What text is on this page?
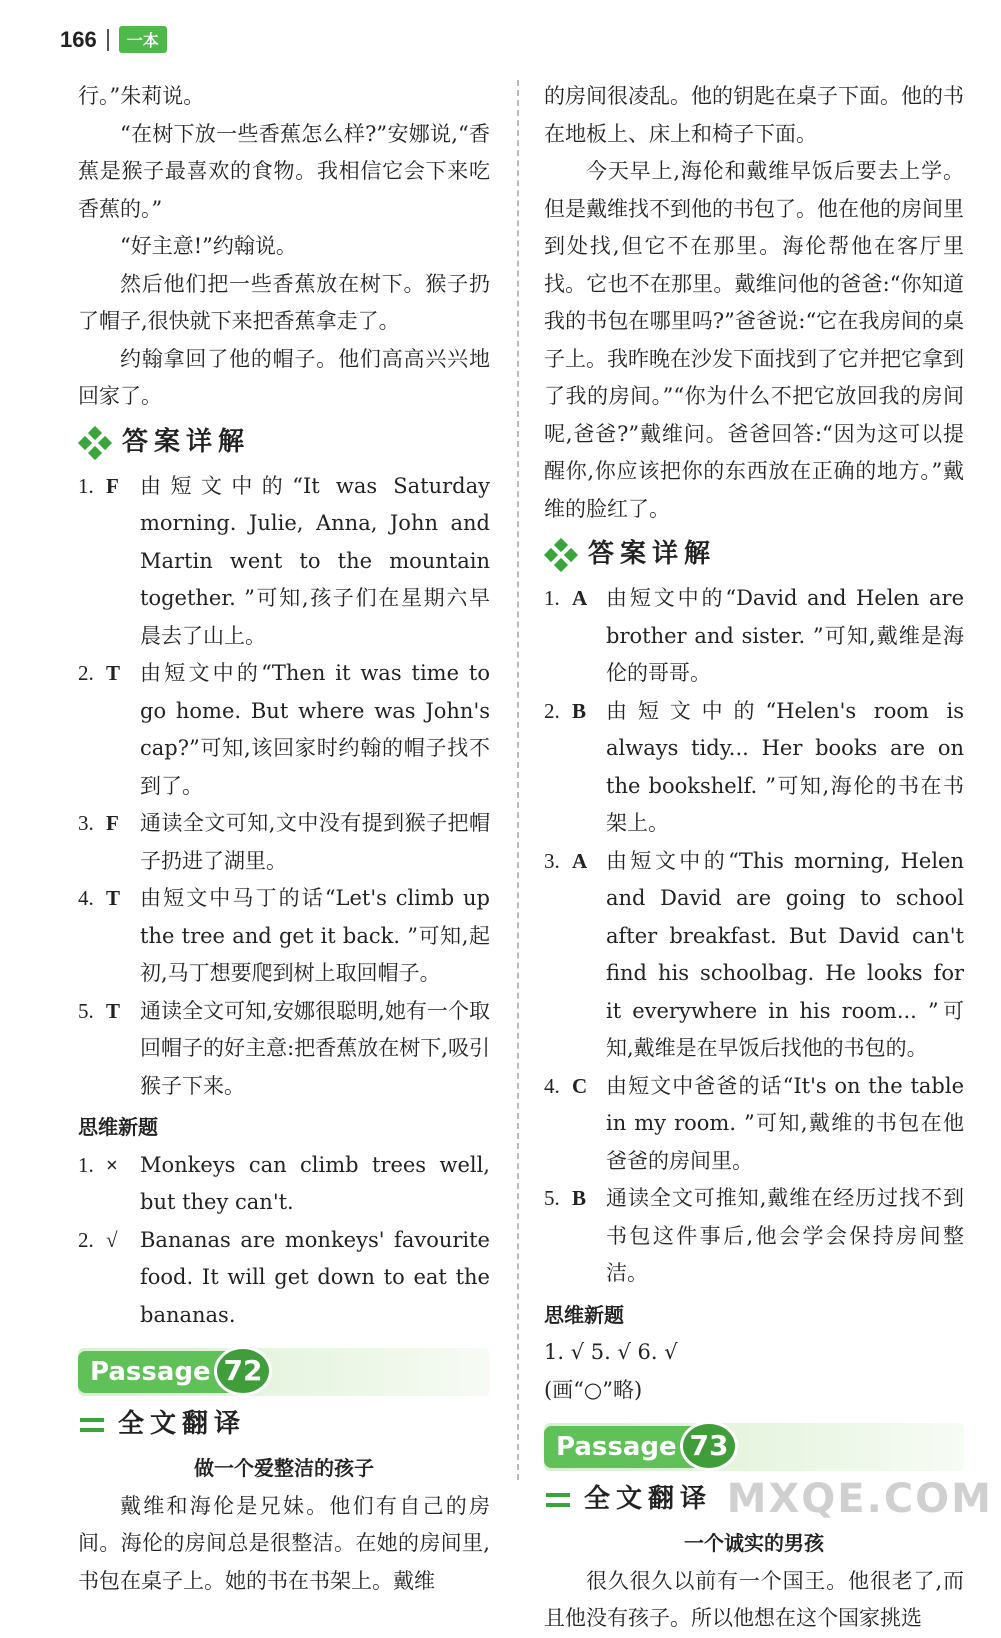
166	一本

行。”朱莉说。

“在树下放一些香蕉怎么样?”安娜说,“香蕉是猴子最喜欢的食物。我相信它会下来吃香蕉的。”

“好主意!”约翰说。

然后他们把一些香蕉放在树下。猴子扔了帽子,很快就下来把香蕉拿走了。

约翰拿回了他的帽子。他们高高兴兴地回家了。

答案详解
1. F	由短文中的“It was Saturday morning. Julie, Anna, John and Martin went to the mountain together. ”可知,孩子们在星期六早晨去了山上。
2. T 由短文中的“Then it was time to go home. But where was John's cap?”可知,该回家时约翰的帽子找不到了。
3. F	通读全文可知,文中没有提到猴子把帽子扔进了湖里。
4. T 由短文中马丁的话“Let's climb up the tree and get it back. ”可知,起初,马丁想要爬到树上取回帽子。
5. T 通读全文可知,安娜很聪明,她有一个取回帽子的好主意:把香蕉放在树下,吸引猴子下来。
思维新题
1. ×	Monkeys can climb trees well, but they can't.
2. √	Bananas are monkeys' favourite food. It will get down to eat the bananas.
Passage 72
全文翻译
做一个爱整洁的孩子

戴维和海伦是兄妹。他们有自己的房间。海伦的房间总是很整洁。在她的房间里,书包在桌子上。她的书在书架上。戴维

的房间很凌乱。他的钥匙在桌子下面。他的书在地板上、床上和椅子下面。

今天早上,海伦和戴维早饭后要去上学。但是戴维找不到他的书包了。他在他的房间里到处找,但它不在那里。海伦帮他在客厅里找。它也不在那里。戴维问他的爸爸:“你知道我的书包在哪里吗?”爸爸说:“它在我房间的桌子上。我昨晚在沙发下面找到了它并把它拿到了我的房间。”“你为什么不把它放回我的房间呢,爸爸?”戴维问。爸爸回答:“因为这可以提醒你,你应该把你的东西放在正确的地方。”戴维的脸红了。

答案详解
1. A 由短文中的“David and Helen are brother and sister. ”可知,戴维是海伦的哥哥。
2. B 由短文中的“Helen's room is always tidy... Her books are on the bookshelf. ”可知,海伦的书在书架上。
3. A 由短文中的“This morning, Helen and David are going to school after breakfast. But David can't find his schoolbag. He looks for it everywhere in his room... ”可知,戴维是在早饭后找他的书包的。
4. C 由短文中爸爸的话“It's on the table in my room. ”可知,戴维的书包在他爸爸的房间里。
5. B 通读全文可推知,戴维在经历过找不到书包这件事后,他会学会保持房间整洁。
思维新题

1. √ 5. √ 6. √

(画“○”略)

Passage 73
全文翻译
一个诚实的男孩

很久很久以前有一个国王。他很老了,而且他没有孩子。所以他想在这个国家挑选

MXQE.COM
